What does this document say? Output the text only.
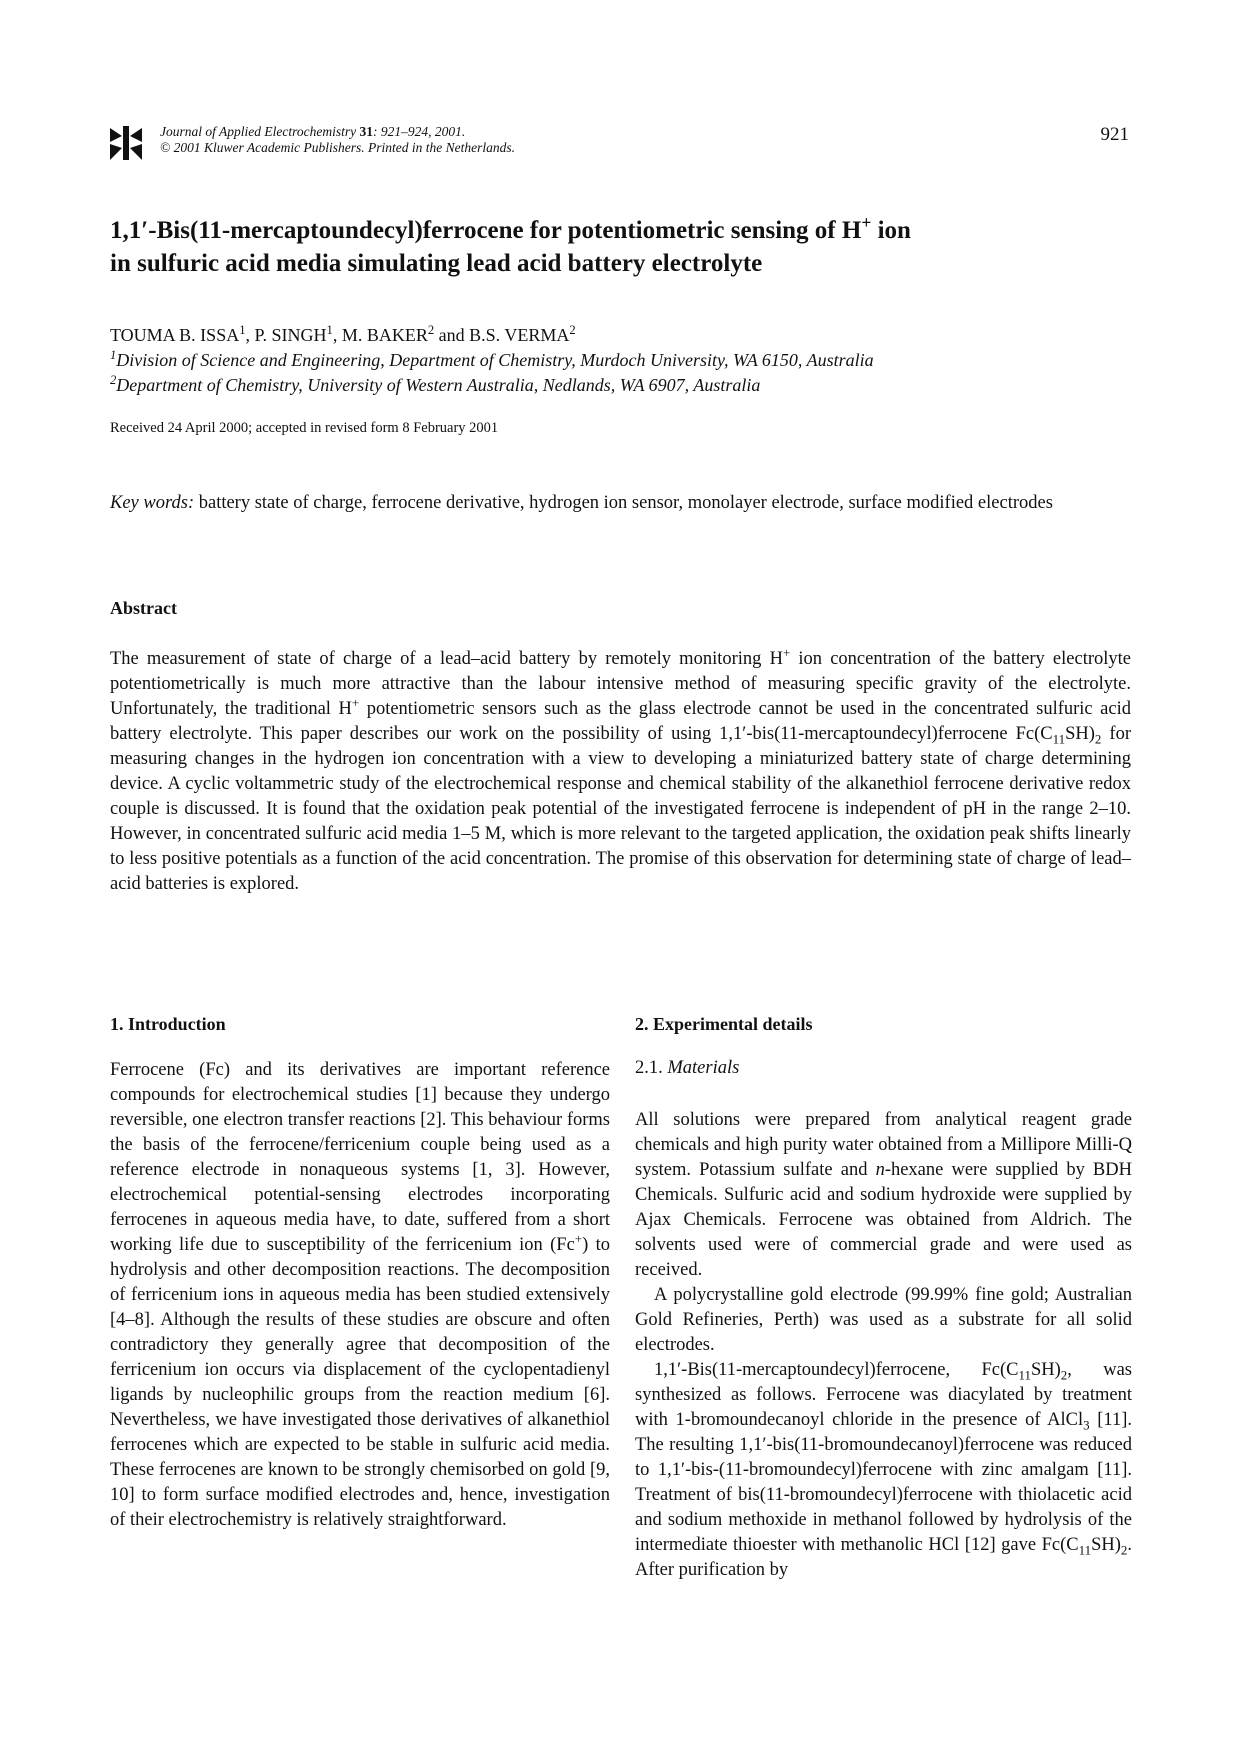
Journal of Applied Electrochemistry 31: 921–924, 2001.
© 2001 Kluwer Academic Publishers. Printed in the Netherlands.
921
1,1′-Bis(11-mercaptoundecyl)ferrocene for potentiometric sensing of H+ ion
in sulfuric acid media simulating lead acid battery electrolyte
TOUMA B. ISSA$^1$, P. SINGH$^1$, M. BAKER$^2$ and B.S. VERMA$^2$
$^1$Division of Science and Engineering, Department of Chemistry, Murdoch University, WA 6150, Australia
$^2$Department of Chemistry, University of Western Australia, Nedlands, WA 6907, Australia
Received 24 April 2000; accepted in revised form 8 February 2001
Key words: battery state of charge, ferrocene derivative, hydrogen ion sensor, monolayer electrode, surface modified electrodes
Abstract
The measurement of state of charge of a lead–acid battery by remotely monitoring H+ ion concentration of the battery electrolyte potentiometrically is much more attractive than the labour intensive method of measuring specific gravity of the electrolyte. Unfortunately, the traditional H+ potentiometric sensors such as the glass electrode cannot be used in the concentrated sulfuric acid battery electrolyte. This paper describes our work on the possibility of using 1,1′-bis(11-mercaptoundecyl)ferrocene $Fc(C_{11}SH)_2$ for measuring changes in the hydrogen ion concentration with a view to developing a miniaturized battery state of charge determining device. A cyclic voltammetric study of the electrochemical response and chemical stability of the alkanethiol ferrocene derivative redox couple is discussed. It is found that the oxidation peak potential of the investigated ferrocene is independent of pH in the range 2–10. However, in concentrated sulfuric acid media 1–5 M, which is more relevant to the targeted application, the oxidation peak shifts linearly to less positive potentials as a function of the acid concentration. The promise of this observation for determining state of charge of lead–acid batteries is explored.
1. Introduction

Ferrocene (Fc) and its derivatives are important reference compounds for electrochemical studies [1] because they undergo reversible, one electron transfer reactions [2]. This behaviour forms the basis of the ferrocene/ferricenium couple being used as a reference electrode in nonaqueous systems [1, 3]. However, electrochemical potential-sensing electrodes incorporating ferrocenes in aqueous media have, to date, suffered from a short working life due to susceptibility of the ferricenium ion (Fc+) to hydrolysis and other decomposition reactions. The decomposition of ferricenium ions in aqueous media has been studied extensively [4–8]. Although the results of these studies are obscure and often contradictory they generally agree that decomposition of the ferricenium ion occurs via displacement of the cyclopentadienyl ligands by nucleophilic groups from the reaction medium [6]. Nevertheless, we have investigated those derivatives of alkanethiol ferrocenes which are expected to be stable in sulfuric acid media. These ferrocenes are known to be strongly chemisorbed on gold [9, 10] to form surface modified electrodes and, hence, investigation of their electrochemistry is relatively straightforward.

2. Experimental details
2.1. Materials

All solutions were prepared from analytical reagent grade chemicals and high purity water obtained from a Millipore Milli-Q system. Potassium sulfate and n-hexane were supplied by BDH Chemicals. Sulfuric acid and sodium hydroxide were supplied by Ajax Chemicals. Ferrocene was obtained from Aldrich. The solvents used were of commercial grade and were used as received.

A polycrystalline gold electrode (99.99% fine gold; Australian Gold Refineries, Perth) was used as a substrate for all solid electrodes.

1,1′-Bis(11-mercaptoundecyl)ferrocene, $Fc(C_{11}SH)_2$, was synthesized as follows. Ferrocene was diacylated by treatment with 1-bromoundecanoyl chloride in the presence of AlCl$_3$ [11]. The resulting 1,1′-bis(11-bromoundecanoyl)ferrocene was reduced to 1,1′-bis-(11-bromoundecyl)ferrocene with zinc amalgam [11]. Treatment of bis(11-bromoundecyl)ferrocene with thiolacetic acid and sodium methoxide in methanol followed by hydrolysis of the intermediate thioester with methanolic HCl [12] gave $Fc(C_{11}SH)_2$. After purification by
